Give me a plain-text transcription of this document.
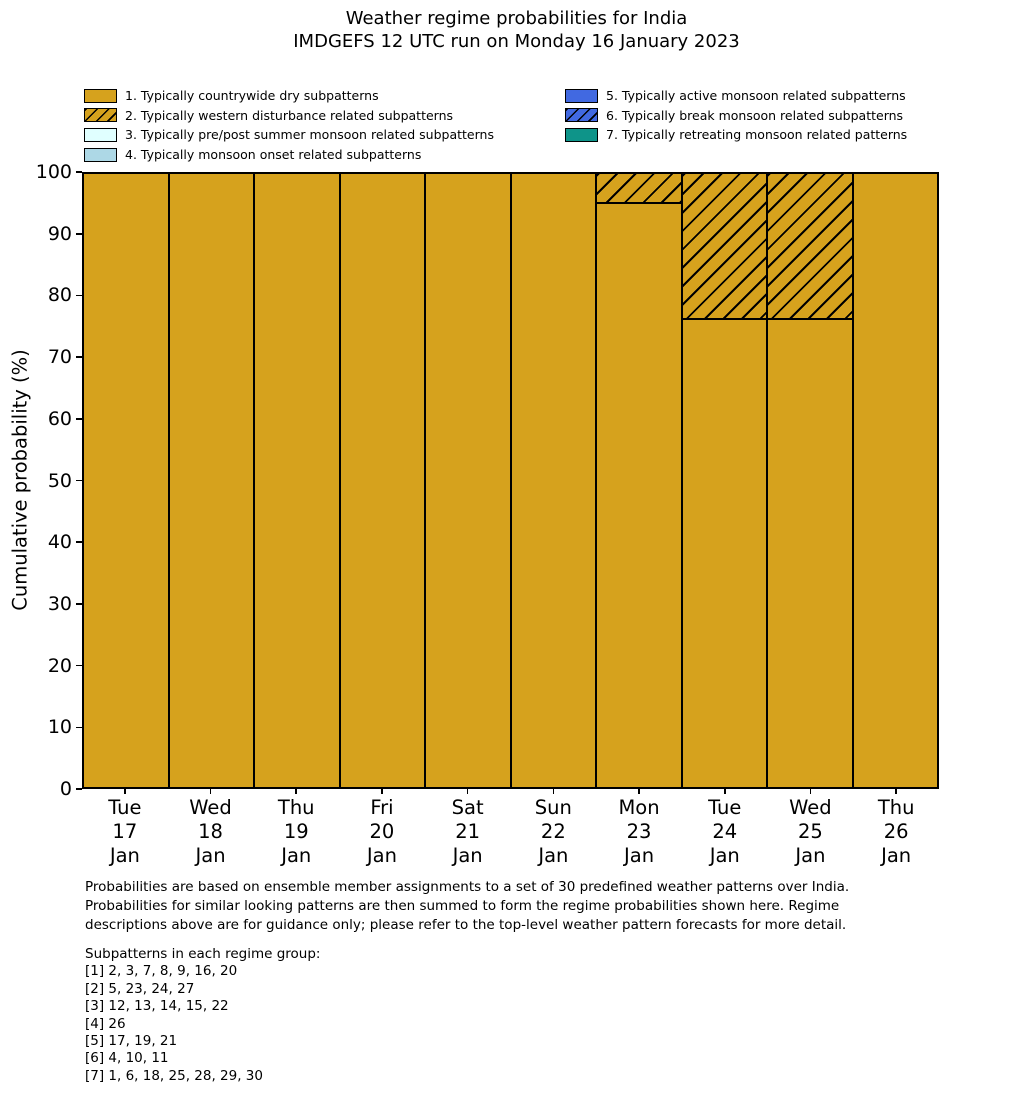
Weather regime probabilities for India
IMDGEFS 12 UTC run on Monday 16 January 2023
1. Typically countrywide dry subpatterns
2. Typically western disturbance related subpatterns
3. Typically pre/post summer monsoon related subpatterns
4. Typically monsoon onset related subpatterns
5. Typically active monsoon related subpatterns
6. Typically break monsoon related subpatterns
7. Typically retreating monsoon related patterns
0
10
20
30
40
50
60
70
80
90
100
Cumulative probability (%)
Tue
17
Jan
Wed
18
Jan
Thu
19
Jan
Fri
20
Jan
Sat
21
Jan
Sun
22
Jan
Mon
23
Jan
Tue
24
Jan
Wed
25
Jan
Thu
26
Jan
Probabilities are based on ensemble member assignments to a set of 30 predefined weather patterns over India.
Probabilities for similar looking patterns are then summed to form the regime probabilities shown here. Regime
descriptions above are for guidance only; please refer to the top-level weather pattern forecasts for more detail.
Subpatterns in each regime group:
[1] 2, 3, 7, 8, 9, 16, 20
[2] 5, 23, 24, 27
[3] 12, 13, 14, 15, 22
[4] 26
[5] 17, 19, 21
[6] 4, 10, 11
[7] 1, 6, 18, 25, 28, 29, 30
